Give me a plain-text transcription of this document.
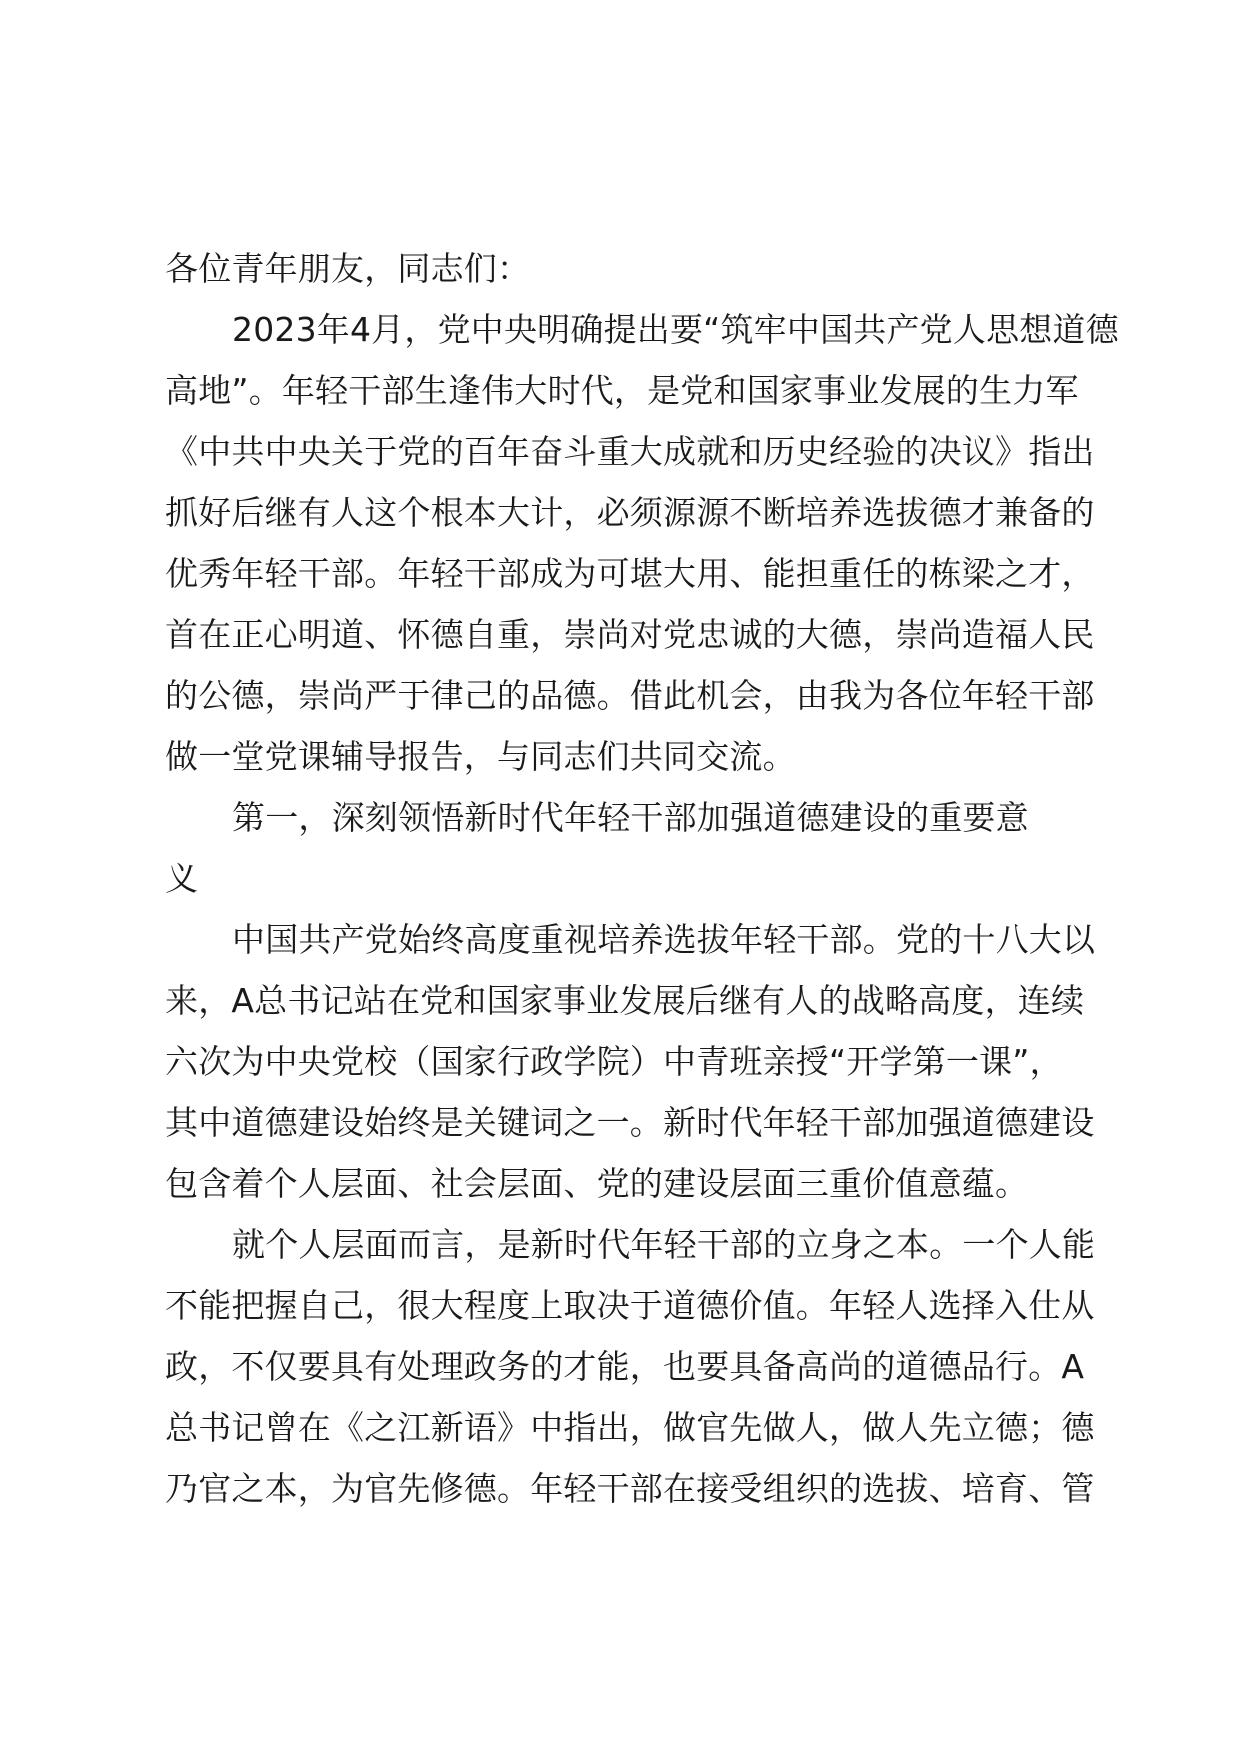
各位青年朋友，同志们：
2023年4月，党中央明确提出要“筑牢中国共产党人思想道德
高地”。年轻干部生逢伟大时代，是党和国家事业发展的生力军
《中共中央关于党的百年奋斗重大成就和历史经验的决议》指出
抓好后继有人这个根本大计，必须源源不断培养选拔德才兼备的
优秀年轻干部。年轻干部成为可堪大用、能担重任的栋梁之才，
首在正心明道、怀德自重，崇尚对党忠诚的大德，崇尚造福人民
的公德，崇尚严于律己的品德。借此机会，由我为各位年轻干部
做一堂党课辅导报告，与同志们共同交流。
第一，深刻领悟新时代年轻干部加强道德建设的重要意
义
中国共产党始终高度重视培养选拔年轻干部。党的十八大以
来，A总书记站在党和国家事业发展后继有人的战略高度，连续
六次为中央党校（国家行政学院）中青班亲授“开学第一课”，
其中道德建设始终是关键词之一。新时代年轻干部加强道德建设
包含着个人层面、社会层面、党的建设层面三重价值意蕴。
就个人层面而言，是新时代年轻干部的立身之本。一个人能
不能把握自己，很大程度上取决于道德价值。年轻人选择入仕从
政，不仅要具有处理政务的才能，也要具备高尚的道德品行。A
总书记曾在《之江新语》中指出，做官先做人，做人先立德；德
乃官之本，为官先修德。年轻干部在接受组织的选拔、培育、管
